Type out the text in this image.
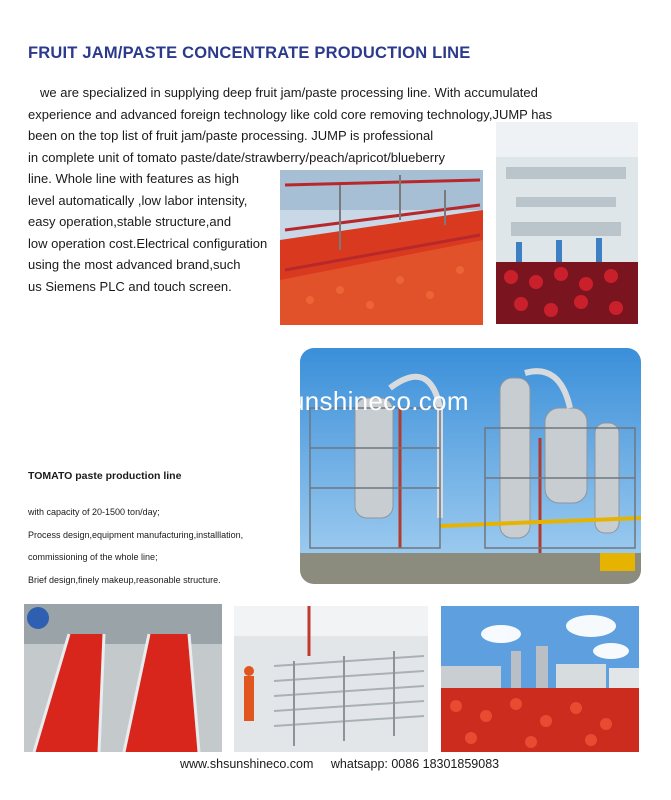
FRUIT JAM/PASTE CONCENTRATE PRODUCTION LINE

we are specialized in supplying deep fruit jam/paste processing line. With accumulated

experience and advanced foreign technology like cold core removing technology,JUMP has

been on the top list of fruit jam/paste processing. JUMP is professional

in complete unit of tomato paste/date/strawberry/peach/apricot/blueberry

line. Whole line with features as high

level automatically ,low labor intensity,

easy operation,stable structure,and

low operation cost.Electrical configuration

using the most advanced brand,such

us Siemens PLC and touch screen.

unshineco.com
TOMATO paste production line
with capacity of 20-1500 ton/day;
Process design,equipment manufacturing,installlation,
commissioning of the whole line;
Brief design,finely makeup,reasonable structure.
www.shsunshineco.com whatsapp: 0086 18301859083
